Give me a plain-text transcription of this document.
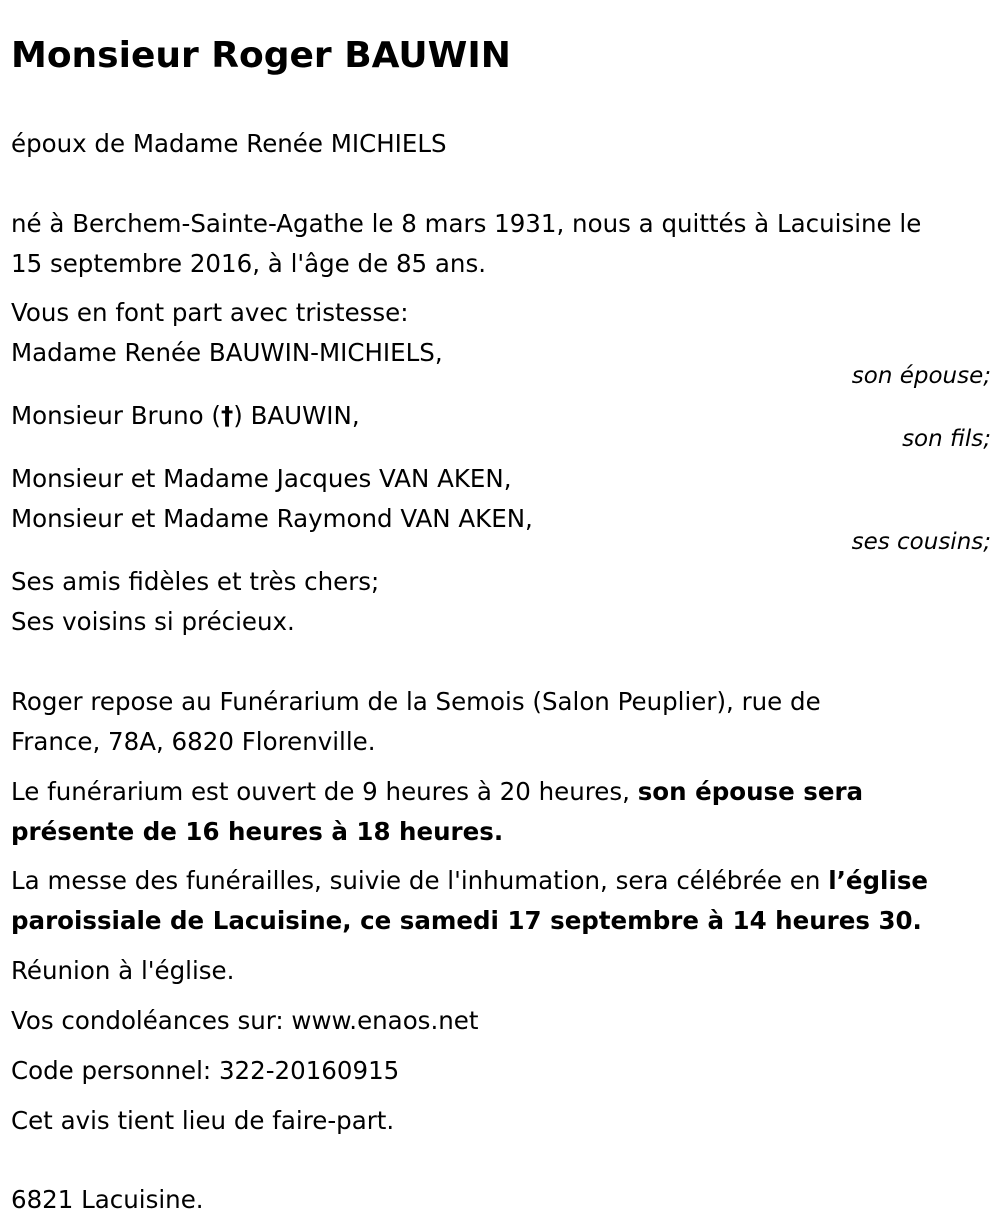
Monsieur Roger BAUWIN

époux de Madame Renée MICHIELS

né à Berchem-Sainte-Agathe le 8 mars 1931, nous a quittés à Lacuisine le
15 septembre 2016, à l'âge de 85 ans.

Vous en font part avec tristesse:

Madame Renée BAUWIN-MICHIELS,

son épouse;

Monsieur Bruno (†) BAUWIN,

son fils;

Monsieur et Madame Jacques VAN AKEN,

Monsieur et Madame Raymond VAN AKEN,

ses cousins;

Ses amis fidèles et très chers;

Ses voisins si précieux.

Roger repose au Funérarium de la Semois (Salon Peuplier), rue de
France, 78A, 6820 Florenville.

Le funérarium est ouvert de 9 heures à 20 heures, son épouse sera
présente de 16 heures à 18 heures.

La messe des funérailles, suivie de l'inhumation, sera célébrée en l’église
paroissiale de Lacuisine, ce samedi 17 septembre à 14 heures 30.

Réunion à l'église.

Vos condoléances sur: www.enaos.net

Code personnel: 322-20160915

Cet avis tient lieu de faire-part.

6821 Lacuisine.
